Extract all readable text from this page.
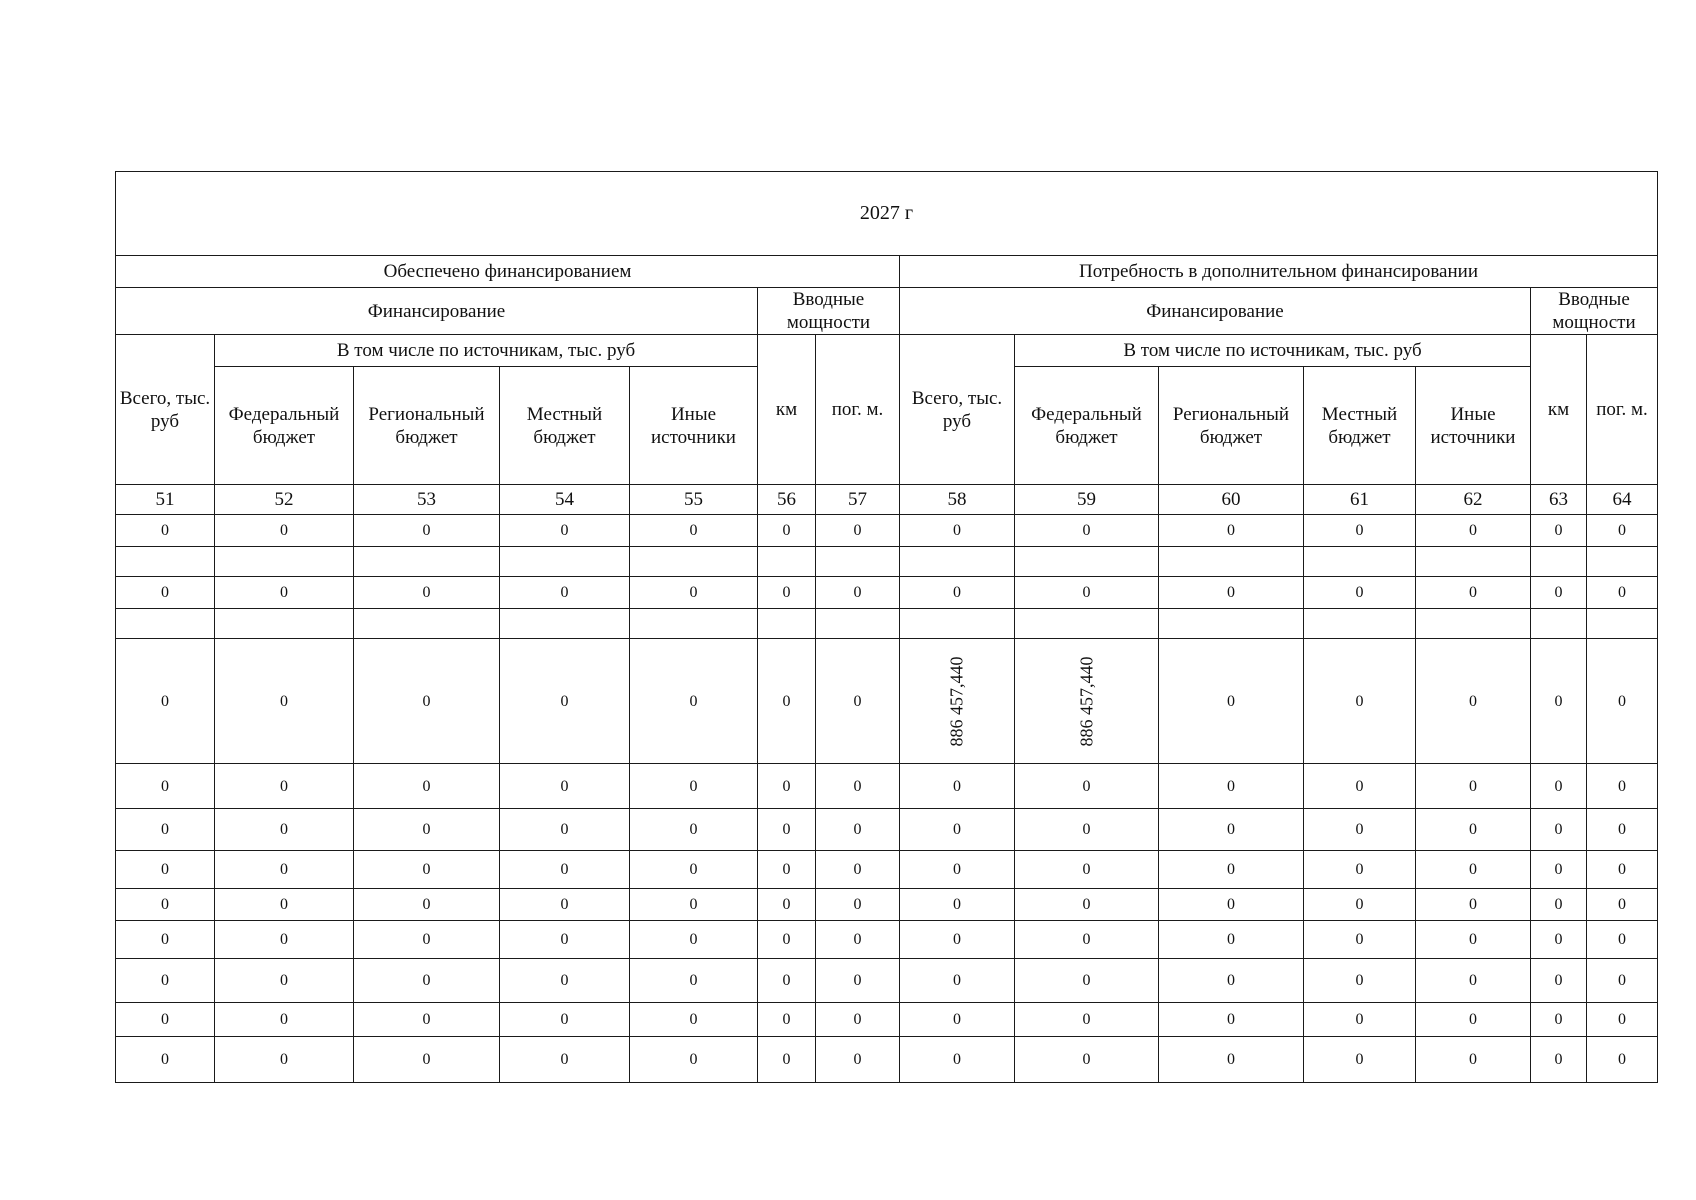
2027 г													
Обеспечено финансированием							Потребность в дополнительном финансировании						
Финансирование					Вводные мощности		Финансирование					Вводные мощности	
Всего, тыс. руб	В том числе по источникам, тыс. руб				км	пог. м.	Всего, тыс. руб	В том числе по источникам, тыс. руб				км	пог. м.
	Федеральный бюджет	Региональный бюджет	Местный бюджет	Иные источники				Федеральный бюджет	Региональный бюджет	Местный бюджет	Иные источники		
51	52	53	54	55	56	57	58	59	60	61	62	63	64
0	0	0	0	0	0	0	0	0	0	0	0	0	0

0	0	0	0	0	0	0	0	0	0	0	0	0	0

0	0	0	0	0	0	0	886 457,440	886 457,440	0	0	0	0	0
0	0	0	0	0	0	0	0	0	0	0	0	0	0
0	0	0	0	0	0	0	0	0	0	0	0	0	0
0	0	0	0	0	0	0	0	0	0	0	0	0	0
0	0	0	0	0	0	0	0	0	0	0	0	0	0
0	0	0	0	0	0	0	0	0	0	0	0	0	0
0	0	0	0	0	0	0	0	0	0	0	0	0	0
0	0	0	0	0	0	0	0	0	0	0	0	0	0
0	0	0	0	0	0	0	0	0	0	0	0	0	0
